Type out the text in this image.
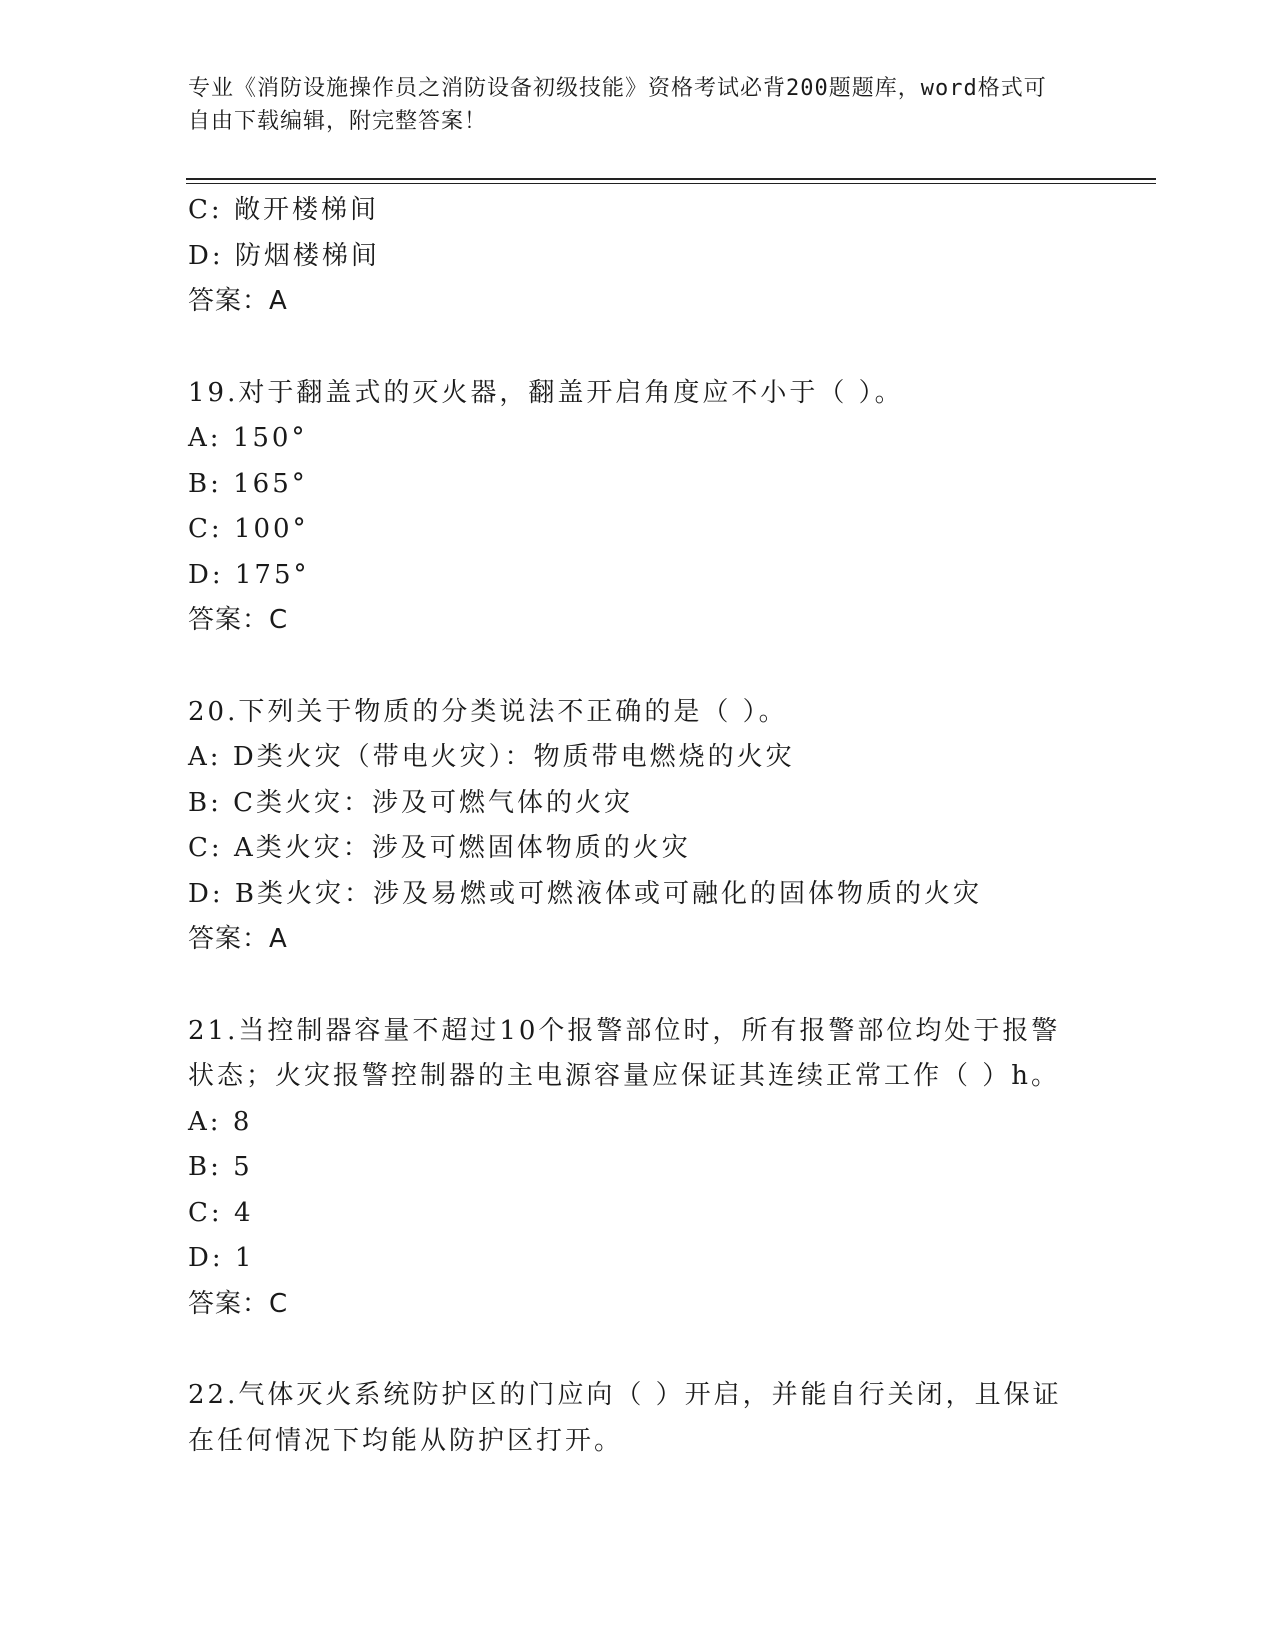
专业《消防设施操作员之消防设备初级技能》资格考试必背200题题库，word格式可自由下载编辑，附完整答案！
C: 敞开楼梯间
D: 防烟楼梯间
答案：A
19.对于翻盖式的灭火器，翻盖开启角度应不小于（ ）。
A: 150°
B: 165°
C: 100°
D: 175°
答案：C
20.下列关于物质的分类说法不正确的是（ ）。
A: D类火灾（带电火灾）：物质带电燃烧的火灾
B: C类火灾：涉及可燃气体的火灾
C: A类火灾：涉及可燃固体物质的火灾
D: B类火灾：涉及易燃或可燃液体或可融化的固体物质的火灾
答案：A
21.当控制器容量不超过10个报警部位时，所有报警部位均处于报警
状态；火灾报警控制器的主电源容量应保证其连续正常工作（ ）h。
A: 8
B: 5
C: 4
D: 1
答案：C
22.气体灭火系统防护区的门应向（ ）开启，并能自行关闭，且保证
在任何情况下均能从防护区打开。
